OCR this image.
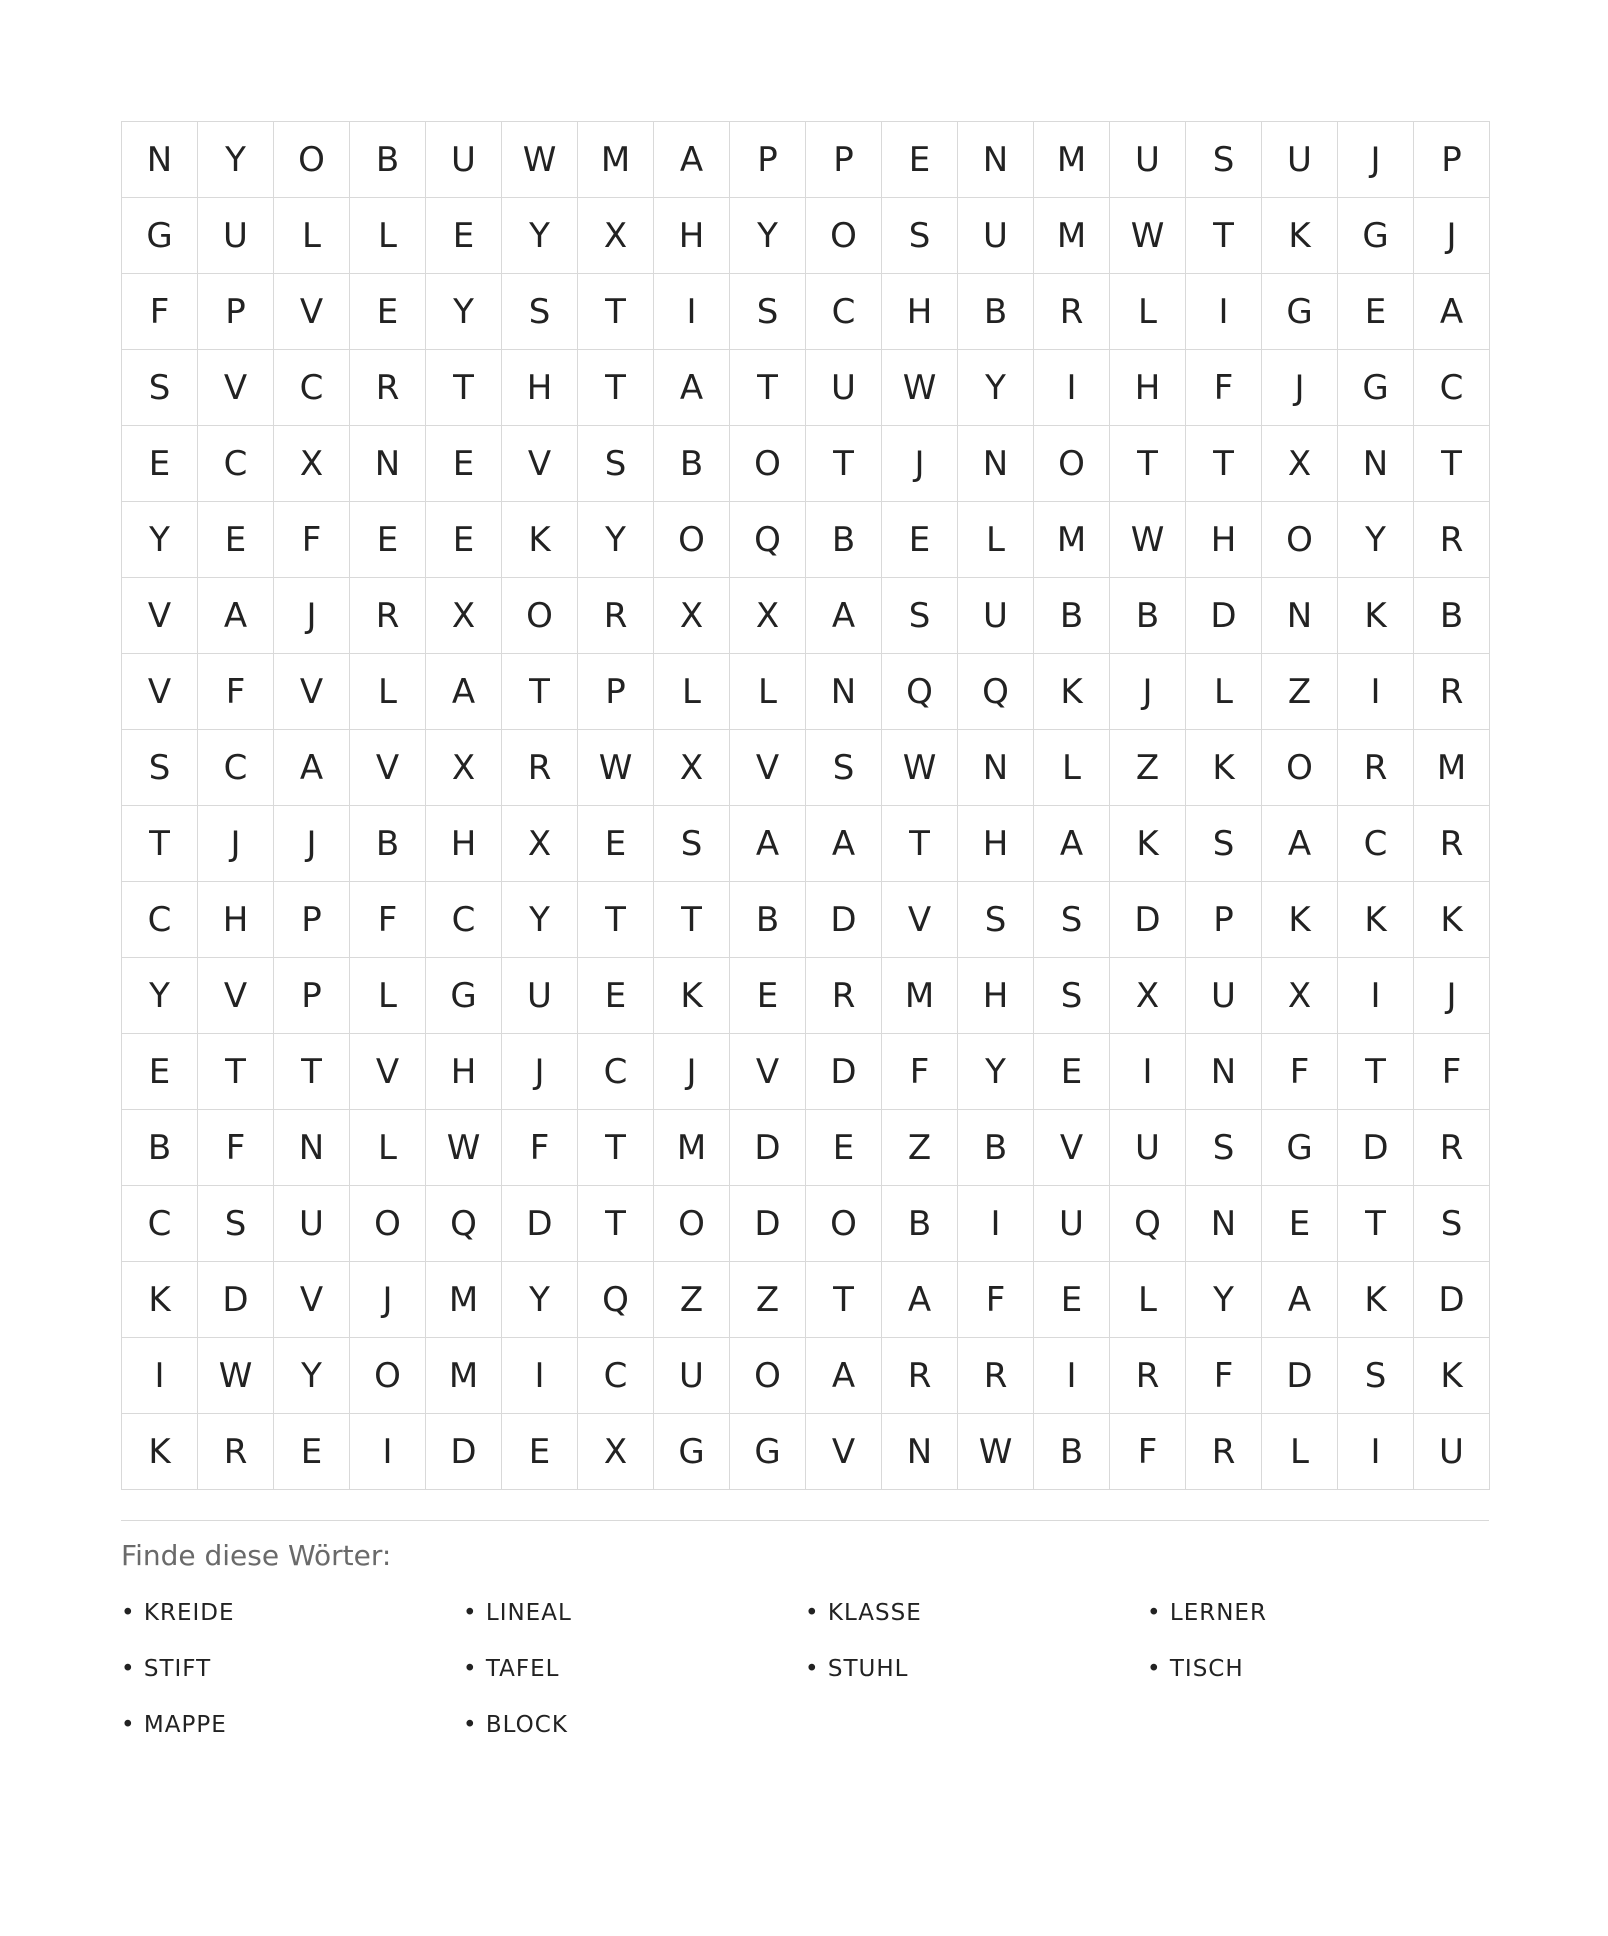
N	Y	O	B	U	W	M	A	P	P	E	N	M	U	S	U	J	P
G	U	L	L	E	Y	X	H	Y	O	S	U	M	W	T	K	G	J
F	P	V	E	Y	S	T	I	S	C	H	B	R	L	I	G	E	A
S	V	C	R	T	H	T	A	T	U	W	Y	I	H	F	J	G	C
E	C	X	N	E	V	S	B	O	T	J	N	O	T	T	X	N	T
Y	E	F	E	E	K	Y	O	Q	B	E	L	M	W	H	O	Y	R
V	A	J	R	X	O	R	X	X	A	S	U	B	B	D	N	K	B
V	F	V	L	A	T	P	L	L	N	Q	Q	K	J	L	Z	I	R
S	C	A	V	X	R	W	X	V	S	W	N	L	Z	K	O	R	M
T	J	J	B	H	X	E	S	A	A	T	H	A	K	S	A	C	R
C	H	P	F	C	Y	T	T	B	D	V	S	S	D	P	K	K	K
Y	V	P	L	G	U	E	K	E	R	M	H	S	X	U	X	I	J
E	T	T	V	H	J	C	J	V	D	F	Y	E	I	N	F	T	F
B	F	N	L	W	F	T	M	D	E	Z	B	V	U	S	G	D	R
C	S	U	O	Q	D	T	O	D	O	B	I	U	Q	N	E	T	S
K	D	V	J	M	Y	Q	Z	Z	T	A	F	E	L	Y	A	K	D
I	W	Y	O	M	I	C	U	O	A	R	R	I	R	F	D	S	K
K	R	E	I	D	E	X	G	G	V	N	W	B	F	R	L	I	U
Finde diese Wörter:
• KREIDE	• LINEAL	• KLASSE	• LERNER
• STIFT	• TAFEL	• STUHL	• TISCH
• MAPPE	• BLOCK
